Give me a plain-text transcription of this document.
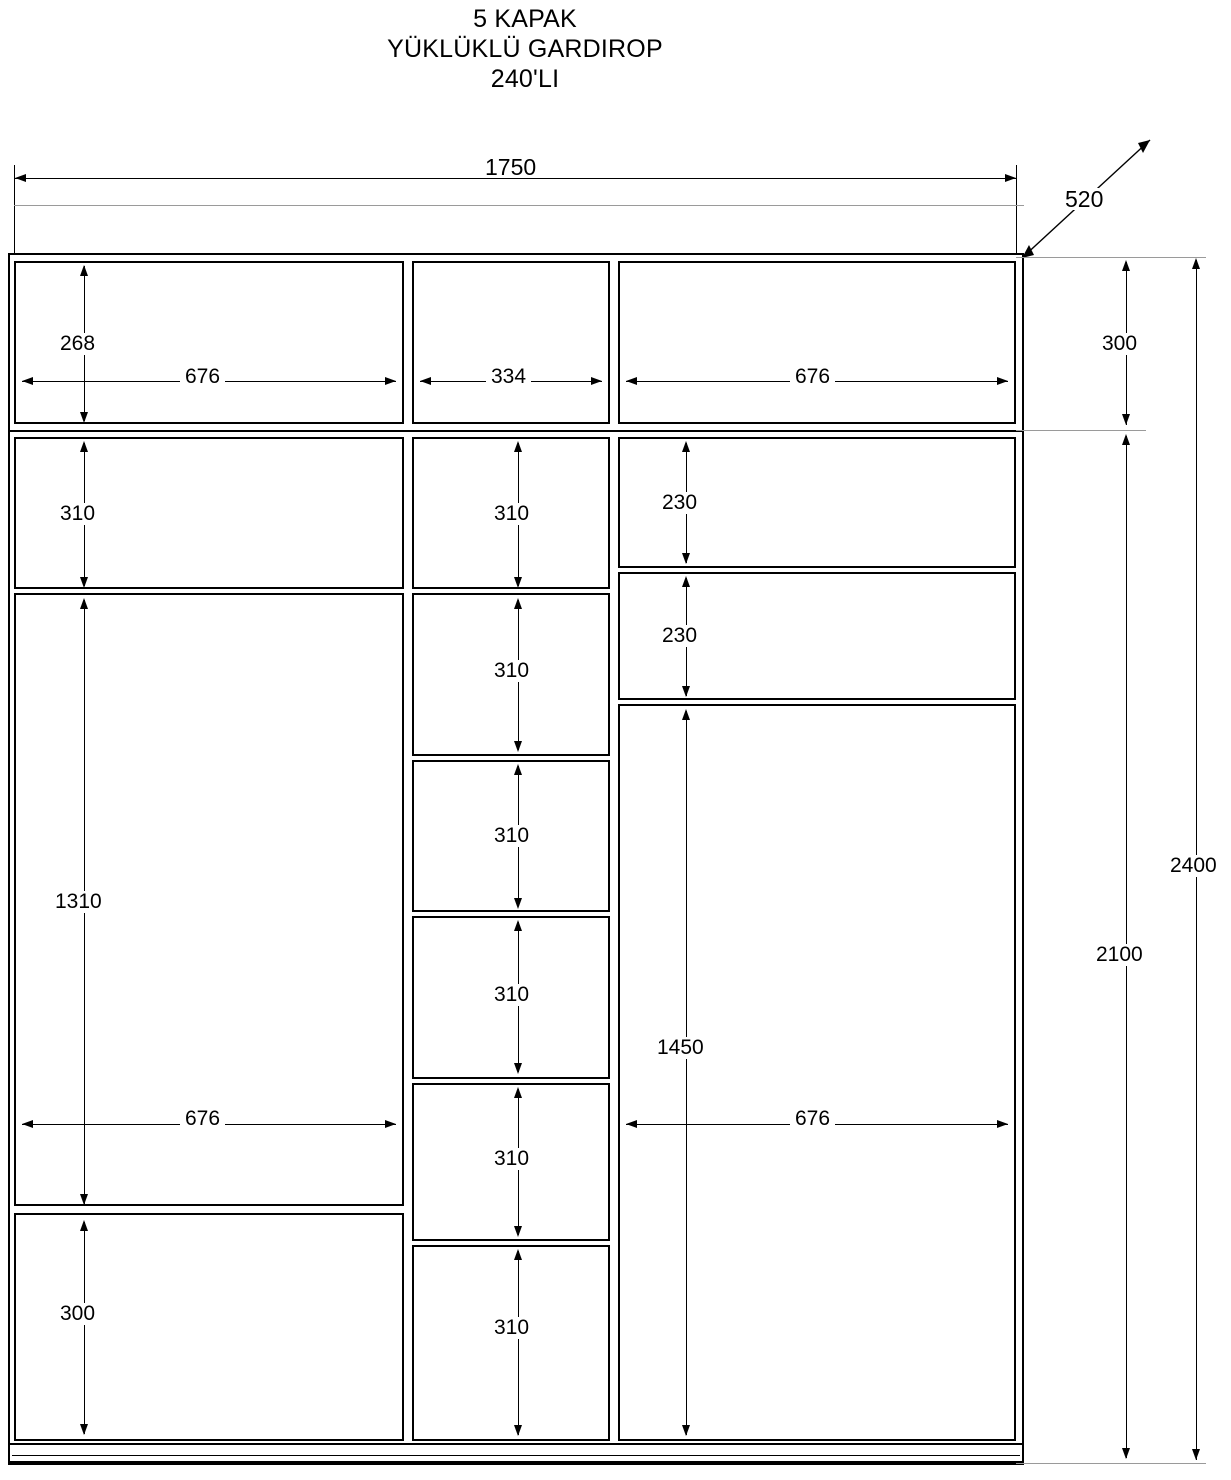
5 KAPAK
YÜKLÜKLÜ GARDIROP
240'LI
1750
520
268
676	334	676
310
1310
676
300
310
310
310
310
310
310
230
230
1450
676
300
2100
2400
